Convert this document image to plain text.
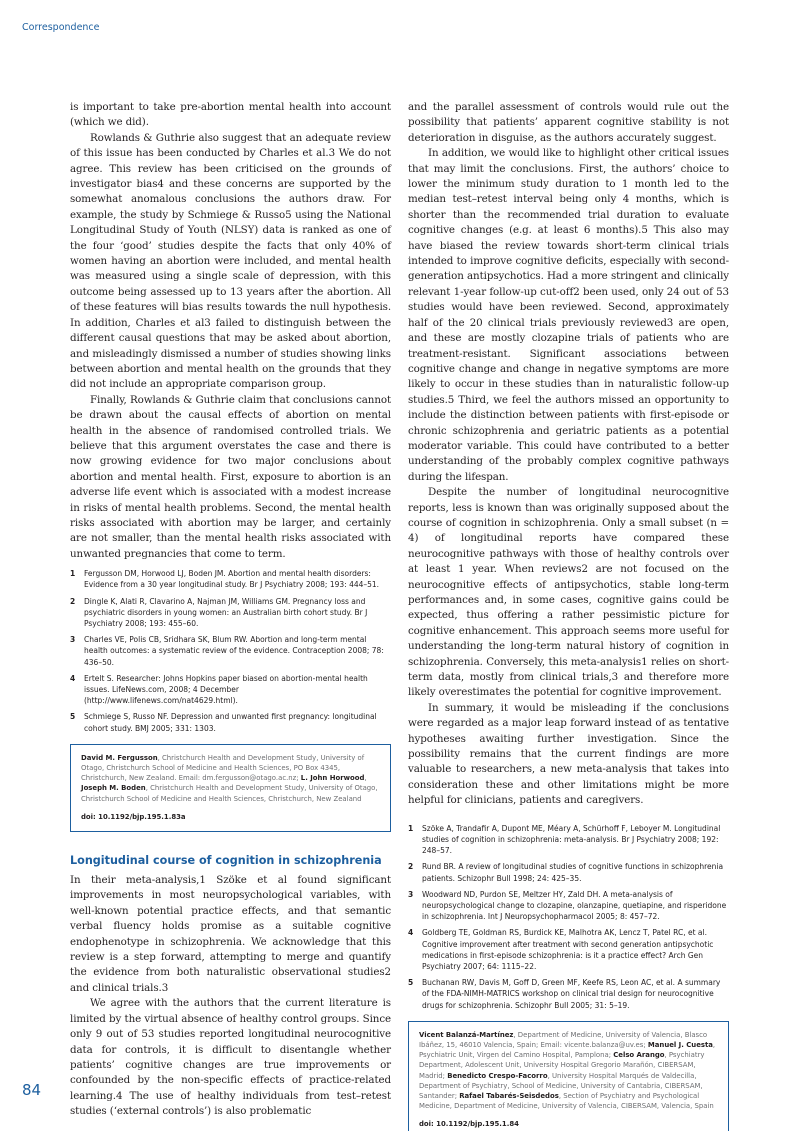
Correspondence

is important to take pre-abortion mental health into account (which we did).

Rowlands & Guthrie also suggest that an adequate review of this issue has been conducted by Charles et al.3 We do not agree. This review has been criticised on the grounds of investigator bias4 and these concerns are supported by the somewhat anomalous conclusions the authors draw. For example, the study by Schmiege & Russo5 using the National Longitudinal Study of Youth (NLSY) data is ranked as one of the four ‘good’ studies despite the facts that only 40% of women having an abortion were included, and mental health was measured using a single scale of depression, with this outcome being assessed up to 13 years after the abortion. All of these features will bias results towards the null hypothesis. In addition, Charles et al3 failed to distinguish between the different causal questions that may be asked about abortion, and misleadingly dismissed a number of studies showing links between abortion and mental health on the grounds that they did not include an appropriate comparison group.

Finally, Rowlands & Guthrie claim that conclusions cannot be drawn about the causal effects of abortion on mental health in the absence of randomised controlled trials. We believe that this argument overstates the case and there is now growing evidence for two major conclusions about abortion and mental health. First, exposure to abortion is an adverse life event which is associated with a modest increase in risks of mental health problems. Second, the mental health risks associated with abortion may be larger, and certainly are not smaller, than the mental health risks associated with unwanted pregnancies that come to term.

1	Fergusson DM, Horwood LJ, Boden JM. Abortion and mental health disorders: Evidence from a 30 year longitudinal study. Br J Psychiatry 2008; 193: 444–51.
2	Dingle K, Alati R, Clavarino A, Najman JM, Williams GM. Pregnancy loss and psychiatric disorders in young women: an Australian birth cohort study. Br J Psychiatry 2008; 193: 455–60.
3	Charles VE, Polis CB, Sridhara SK, Blum RW. Abortion and long-term mental health outcomes: a systematic review of the evidence. Contraception 2008; 78: 436–50.
4	Ertelt S. Researcher: Johns Hopkins paper biased on abortion-mental health issues. LifeNews.com, 2008; 4 December (http://www.lifenews.com/nat4629.html).
5	Schmiege S, Russo NF. Depression and unwanted first pregnancy: longitudinal cohort study. BMJ 2005; 331: 1303.
David M. Fergusson, Christchurch Health and Development Study, University of Otago, Christchurch School of Medicine and Health Sciences, PO Box 4345, Christchurch, New Zealand. Email: dm.fergusson@otago.ac.nz; L. John Horwood, Joseph M. Boden, Christchurch Health and Development Study, University of Otago, Christchurch School of Medicine and Health Sciences, Christchurch, New Zealand
doi: 10.1192/bjp.195.1.83a
Longitudinal course of cognition in schizophrenia

In their meta-analysis,1 Szöke et al found significant improvements in most neuropsychological variables, with well-known potential practice effects, and that semantic verbal fluency holds promise as a suitable cognitive endophenotype in schizophrenia. We acknowledge that this review is a step forward, attempting to merge and quantify the evidence from both naturalistic observational studies2 and clinical trials.3

We agree with the authors that the current literature is limited by the virtual absence of healthy control groups. Since only 9 out of 53 studies reported longitudinal neurocognitive data for controls, it is difficult to disentangle whether patients’ cognitive changes are true improvements or confounded by the non-specific effects of practice-related learning.4 The use of healthy individuals from test–retest studies (‘external controls’) is also problematic

and the parallel assessment of controls would rule out the possibility that patients’ apparent cognitive stability is not deterioration in disguise, as the authors accurately suggest.

In addition, we would like to highlight other critical issues that may limit the conclusions. First, the authors’ choice to lower the minimum study duration to 1 month led to the median test–retest interval being only 4 months, which is shorter than the recommended trial duration to evaluate cognitive changes (e.g. at least 6 months).5 This also may have biased the review towards short-term clinical trials intended to improve cognitive deficits, especially with second-generation antipsychotics. Had a more stringent and clinically relevant 1-year follow-up cut-off2 been used, only 24 out of 53 studies would have been reviewed. Second, approximately half of the 20 clinical trials previously reviewed3 are open, and these are mostly clozapine trials of patients who are treatment-resistant. Significant associations between cognitive change and change in negative symptoms are more likely to occur in these studies than in naturalistic follow-up studies.5 Third, we feel the authors missed an opportunity to include the distinction between patients with first-episode or chronic schizophrenia and geriatric patients as a potential moderator variable. This could have contributed to a better understanding of the probably complex cognitive pathways during the lifespan.

Despite the number of longitudinal neurocognitive reports, less is known than was originally supposed about the course of cognition in schizophrenia. Only a small subset (n = 4) of longitudinal reports have compared these neurocognitive pathways with those of healthy controls over at least 1 year. When reviews2 are not focused on the neurocognitive effects of antipsychotics, stable long-term performances and, in some cases, cognitive gains could be expected, thus offering a rather pessimistic picture for cognitive enhancement. This approach seems more useful for understanding the long-term natural history of cognition in schizophrenia. Conversely, this meta-analysis1 relies on short-term data, mostly from clinical trials,3 and therefore more likely overestimates the potential for cognitive improvement.

In summary, it would be misleading if the conclusions were regarded as a major leap forward instead of as tentative hypotheses awaiting further investigation. Since the possibility remains that the current findings are more valuable to researchers, a new meta-analysis that takes into consideration these and other limitations might be more helpful for clinicians, patients and caregivers.

1	Szöke A, Trandafir A, Dupont ME, Méary A, Schürhoff F, Leboyer M. Longitudinal studies of cognition in schizophrenia: meta-analysis. Br J Psychiatry 2008; 192: 248–57.
2	Rund BR. A review of longitudinal studies of cognitive functions in schizophrenia patients. Schizophr Bull 1998; 24: 425–35.
3	Woodward ND, Purdon SE, Meltzer HY, Zald DH. A meta-analysis of neuropsychological change to clozapine, olanzapine, quetiapine, and risperidone in schizophrenia. Int J Neuropsychopharmacol 2005; 8: 457–72.
4	Goldberg TE, Goldman RS, Burdick KE, Malhotra AK, Lencz T, Patel RC, et al. Cognitive improvement after treatment with second generation antipsychotic medications in first-episode schizophrenia: is it a practice effect? Arch Gen Psychiatry 2007; 64: 1115–22.
5	Buchanan RW, Davis M, Goff D, Green MF, Keefe RS, Leon AC, et al. A summary of the FDA-NIMH-MATRICS workshop on clinical trial design for neurocognitive drugs for schizophrenia. Schizophr Bull 2005; 31: 5–19.
Vicent Balanzá-Martínez, Department of Medicine, University of Valencia, Blasco Ibáñez, 15, 46010 Valencia, Spain; Email: vicente.balanza@uv.es; Manuel J. Cuesta, Psychiatric Unit, Virgen del Camino Hospital, Pamplona; Celso Arango, Psychiatry Department, Adolescent Unit, University Hospital Gregorio Marañón, CIBERSAM, Madrid; Benedicto Crespo-Facorro, University Hospital Marqués de Valdecilla, Department of Psychiatry, School of Medicine, University of Cantabria, CIBERSAM, Santander; Rafael Tabarés-Seisdedos, Section of Psychiatry and Psychological Medicine, Department of Medicine, University of Valencia, CIBERSAM, Valencia, Spain
doi: 10.1192/bjp.195.1.84
84
